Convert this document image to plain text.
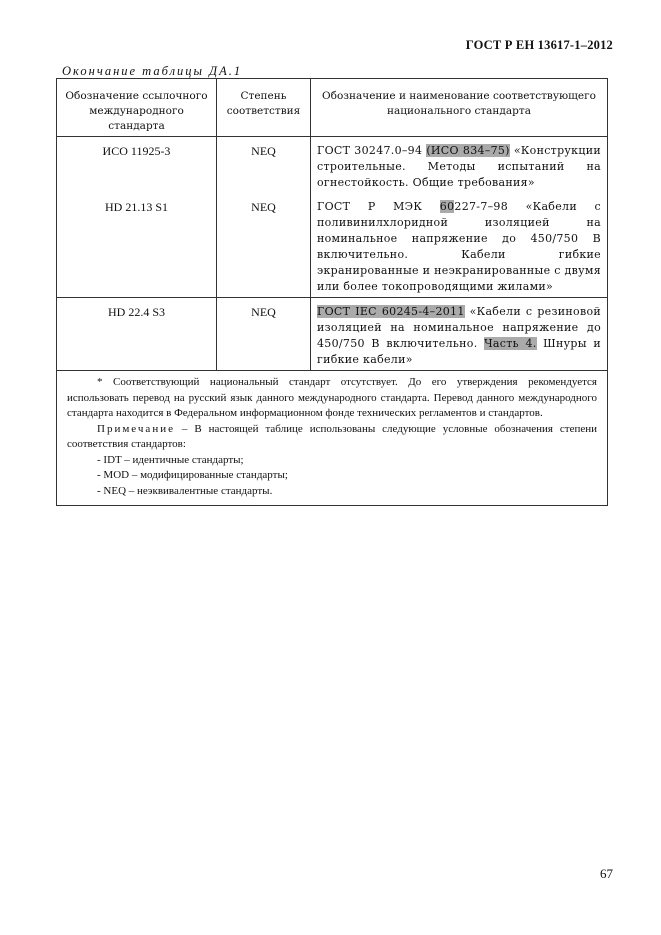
ГОСТ Р ЕН 13617-1–2012
Окончание таблицы ДА.1
Обозначение ссылочного международного стандарта	Степень соответствия	Обозначение и наименование соответствующего национального стандарта
ИСО 11925-3	NEQ	ГОСТ 30247.0–94 (ИСО 834–75) «Конструкции строительные. Методы испытаний на огнестойкость. Общие требования»
HD 21.13 S1	NEQ	ГОСТ Р МЭК 60227-7–98 «Кабели с поливинилхлоридной изоляцией на номинальное напряжение до 450/750 В включительно. Кабели гибкие экранированные и неэкранированные с двумя или более токопроводящими жилами»
HD 22.4 S3	NEQ	ГОСТ IEC 60245-4–2011 «Кабели с резиновой изоляцией на номинальное напряжение до 450/750 В включительно. Часть 4. Шнуры и гибкие кабели»

* Соответствующий национальный стандарт отсутствует. До его утверждения рекомендуется использовать перевод на русский язык данного международного стандарта. Перевод данного международного стандарта находится в Федеральном информационном фонде технических регламентов и стандартов.

Примечание – В настоящей таблице использованы следующие условные обозначения степени соответствия стандартов:

- IDT – идентичные стандарты;

- MOD – модифицированные стандарты;

- NEQ – неэквивалентные стандарты.		

67
